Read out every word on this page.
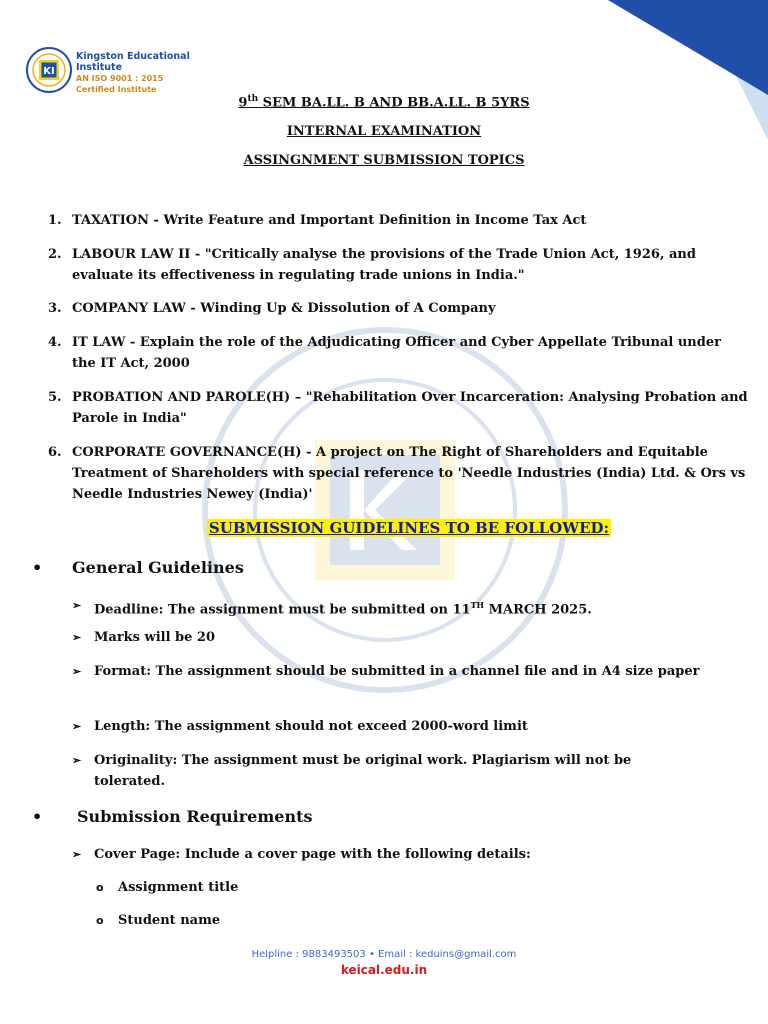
KI
Kingston Educational
Institute
AN ISO 9001 : 2015
Certified Institute
9th SEM BA.LL. B AND BB.A.LL. B 5YRS
INTERNAL EXAMINATION
ASSINGNMENT SUBMISSION TOPICS
1. TAXATION - Write Feature and Important Definition in Income Tax Act
2. LABOUR LAW II - "Critically analyse the provisions of the Trade Union Act, 1926, and evaluate its effectiveness in regulating trade unions in India."
3. COMPANY LAW - Winding Up & Dissolution of A Company
4. IT LAW - Explain the role of the Adjudicating Officer and Cyber Appellate Tribunal under the IT Act, 2000
5. PROBATION AND PAROLE(H) – "Rehabilitation Over Incarceration: Analysing Probation and Parole in India"
6. CORPORATE GOVERNANCE(H) - A project on The Right of Shareholders and Equitable Treatment of Shareholders with special reference to 'Needle Industries (India) Ltd. & Ors vs Needle Industries Newey (India)'
SUBMISSION GUIDELINES TO BE FOLLOWED:
• General Guidelines
➢ Deadline: The assignment must be submitted on 11TH MARCH 2025.
➢ Marks will be 20
➢ Format: The assignment should be submitted in a channel file and in A4 size paper
➢ Length: The assignment should not exceed 2000-word limit
➢ Originality: The assignment must be original work. Plagiarism will not be tolerated.
• Submission Requirements
➢ Cover Page: Include a cover page with the following details:
o Assignment title
o Student name
Helpline : 9883493503 • Email : keduins@gmail.com
keical.edu.in
